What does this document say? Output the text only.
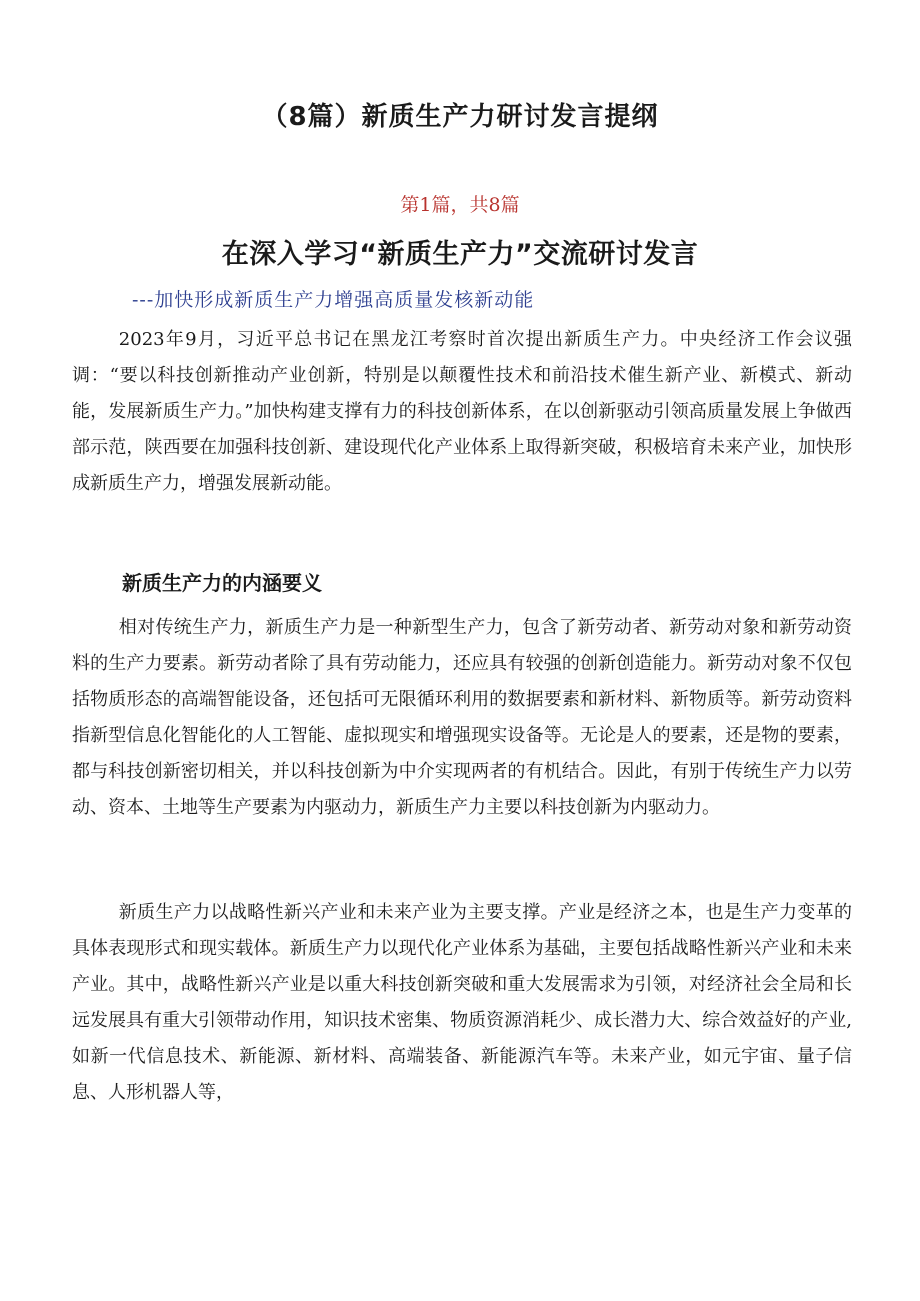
（8篇）新质生产力研讨发言提纲

第1篇，共8篇

在深入学习“新质生产力”交流研讨发言

---加快形成新质生产力增强高质量发核新动能

2023年9月，习近平总书记在黑龙江考察时首次提出新质生产力。中央经济工作会议强调：“要以科技创新推动产业创新，特别是以颠覆性技术和前沿技术催生新产业、新模式、新动能，发展新质生产力。”加快构建支撑有力的科技创新体系，在以创新驱动引领高质量发展上争做西部示范，陕西要在加强科技创新、建设现代化产业体系上取得新突破，积极培育未来产业，加快形成新质生产力，增强发展新动能。

新质生产力的内涵要义

相对传统生产力，新质生产力是一种新型生产力，包含了新劳动者、新劳动对象和新劳动资料的生产力要素。新劳动者除了具有劳动能力，还应具有较强的创新创造能力。新劳动对象不仅包括物质形态的高端智能设备，还包括可无限循环利用的数据要素和新材料、新物质等。新劳动资料指新型信息化智能化的人工智能、虚拟现实和增强现实设备等。无论是人的要素，还是物的要素，都与科技创新密切相关，并以科技创新为中介实现两者的有机结合。因此，有别于传统生产力以劳动、资本、土地等生产要素为内驱动力，新质生产力主要以科技创新为内驱动力。

新质生产力以战略性新兴产业和未来产业为主要支撑。产业是经济之本，也是生产力变革的具体表现形式和现实载体。新质生产力以现代化产业体系为基础，主要包括战略性新兴产业和未来产业。其中，战略性新兴产业是以重大科技创新突破和重大发展需求为引领，对经济社会全局和长远发展具有重大引领带动作用，知识技术密集、物质资源消耗少、成长潜力大、综合效益好的产业,如新一代信息技术、新能源、新材料、高端装备、新能源汽车等。未来产业，如元宇宙、量子信息、人形机器人等，
